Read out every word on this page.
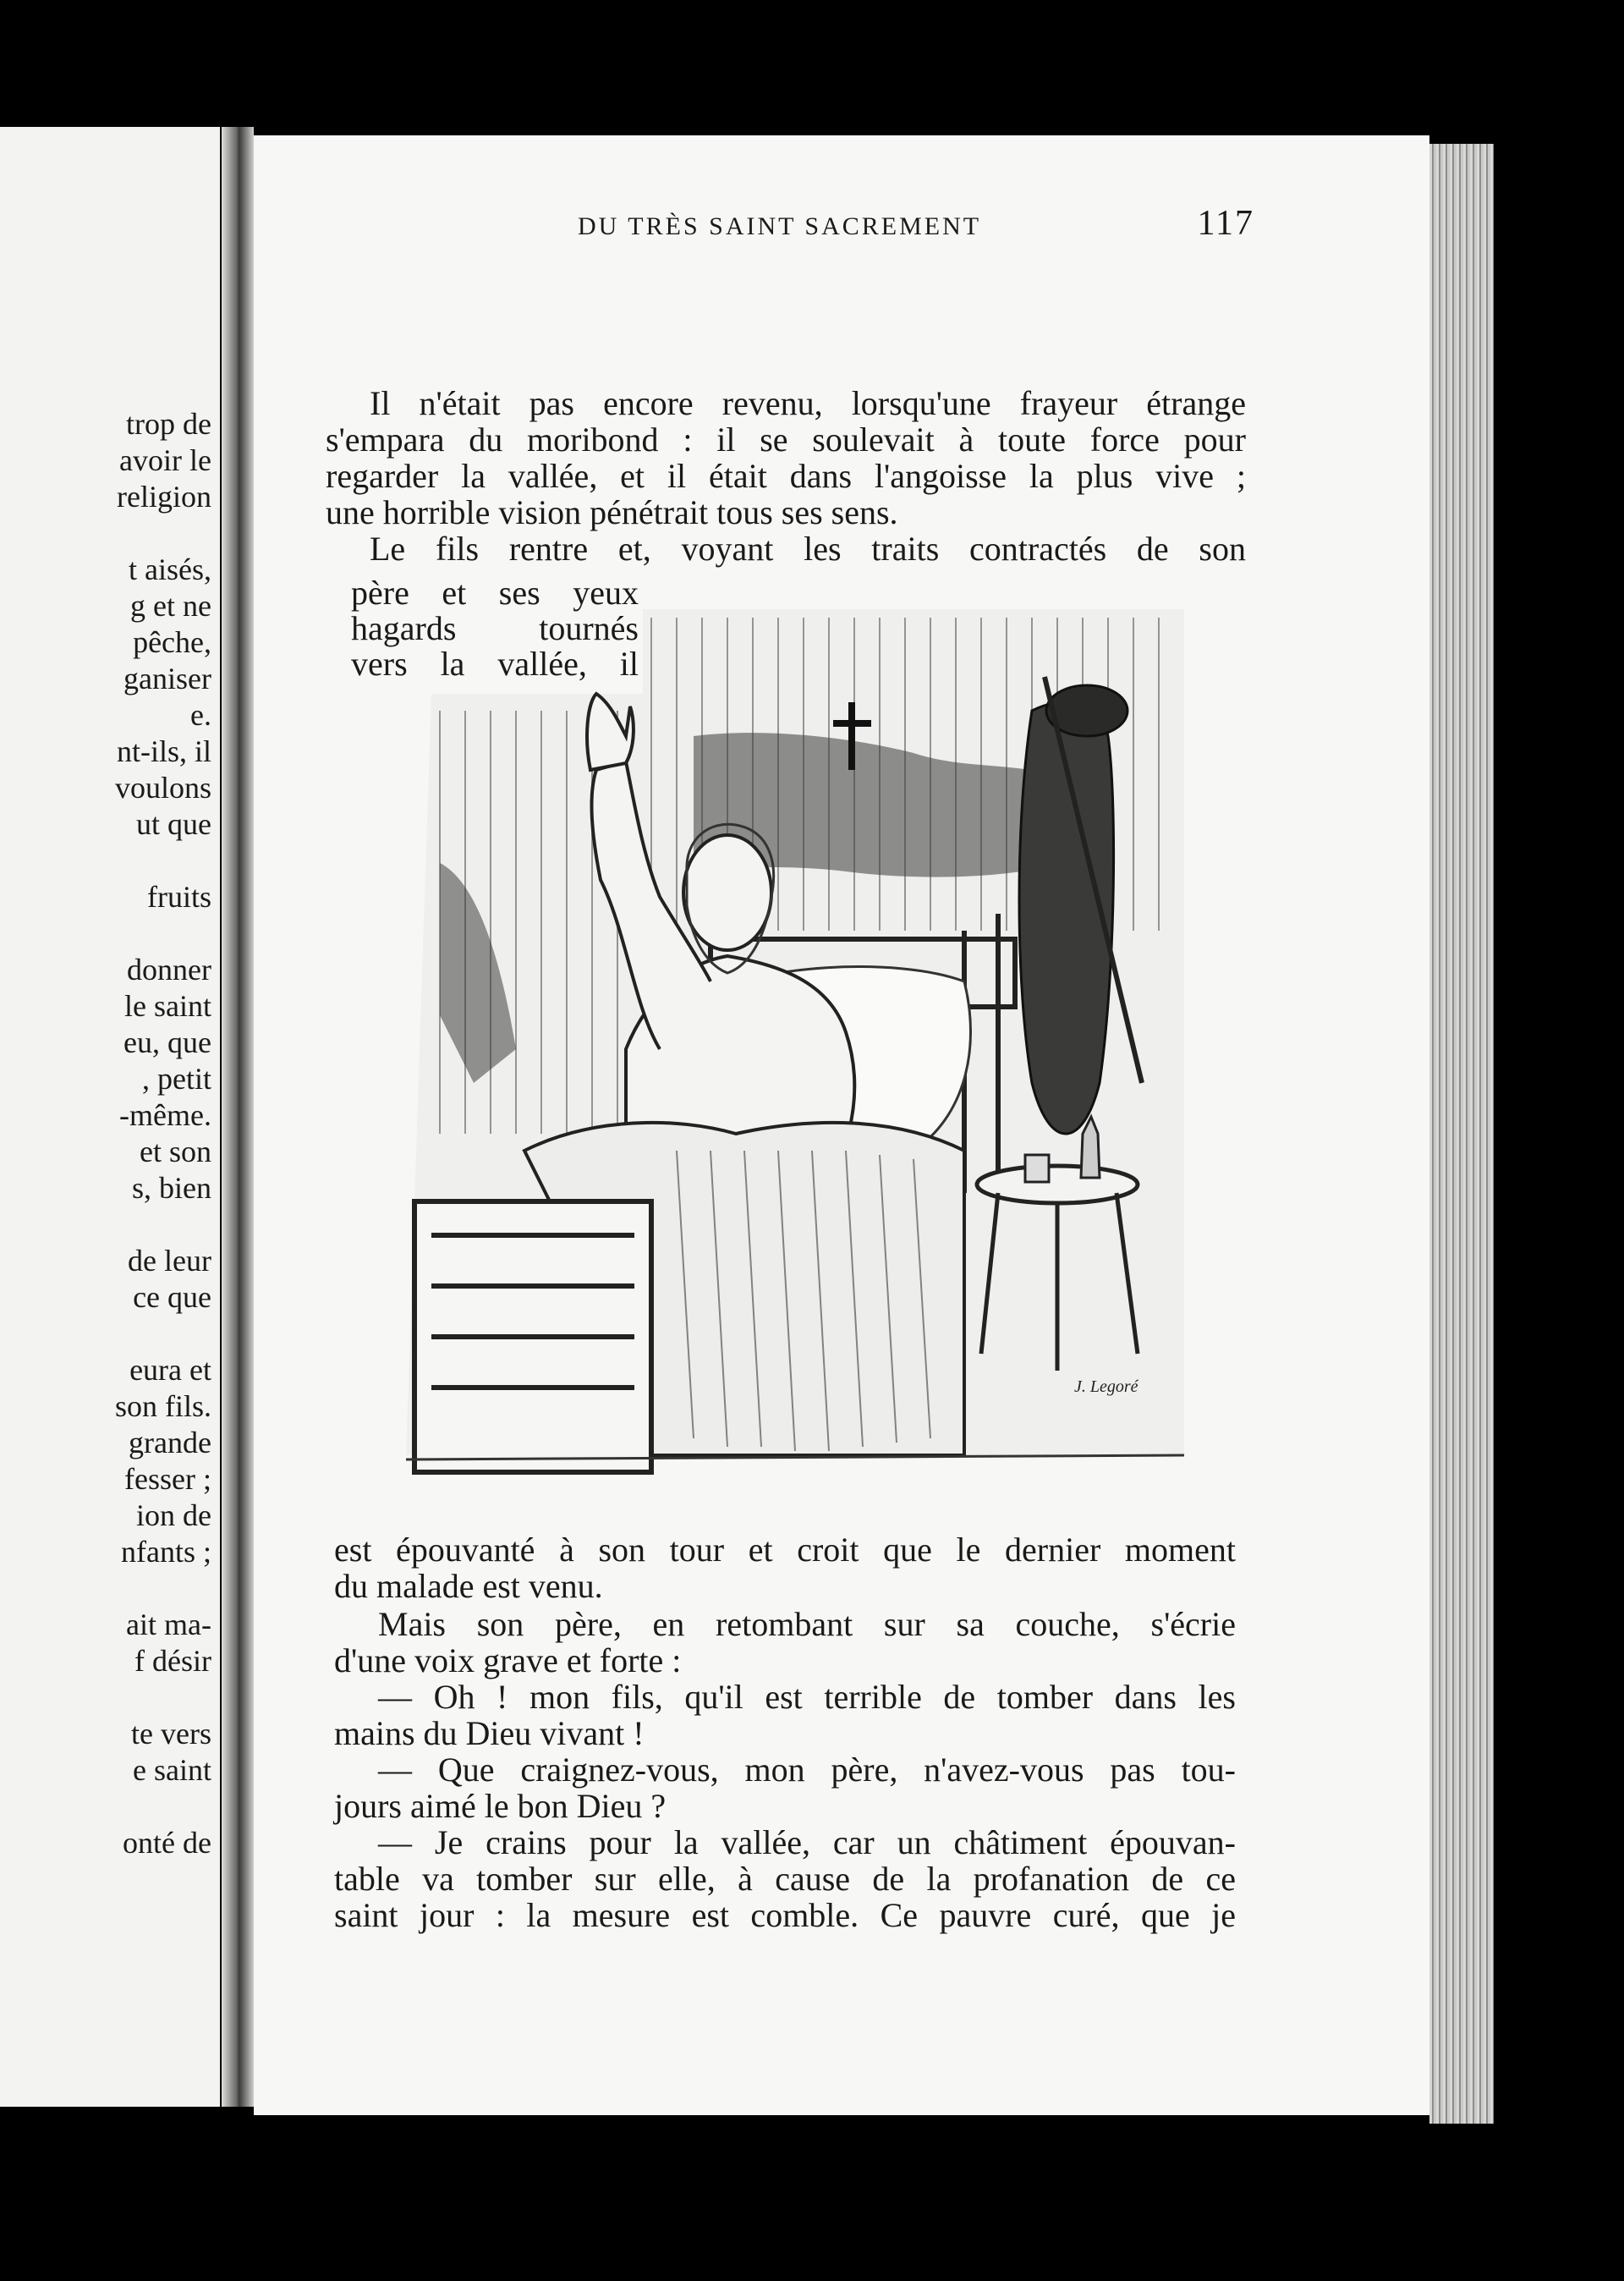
trop de
avoir le
religion
t aisés,
g et ne
pêche,
ganiser
e.
nt-ils, il
voulons
ut que
fruits
donner
le saint
eu, que
, petit
-même.
et son
s, bien
de leur
ce que
eura et
son fils.
grande
fesser ;
ion de
nfants ;
ait ma-
f désir
te vers
e saint
onté de
DU TRÈS SAINT SACREMENT	117
Il n'était pas encore revenu, lorsqu'une frayeur étrange
s'empara du moribond : il se soulevait à toute force pour
regarder la vallée, et il était dans l'angoisse la plus vive ;
une horrible vision pénétrait tous ses sens.
Le fils rentre et, voyant les traits contractés de son
père et ses yeux
hagards tournés
vers la vallée, il
J. Legoré
est épouvanté à son tour et croit que le dernier moment
du malade est venu.
Mais son père, en retombant sur sa couche, s'écrie
d'une voix grave et forte :
— Oh ! mon fils, qu'il est terrible de tomber dans les
mains du Dieu vivant !
— Que craignez-vous, mon père, n'avez-vous pas tou-
jours aimé le bon Dieu ?
— Je crains pour la vallée, car un châtiment épouvan-
table va tomber sur elle, à cause de la profanation de ce
saint jour : la mesure est comble. Ce pauvre curé, que je
